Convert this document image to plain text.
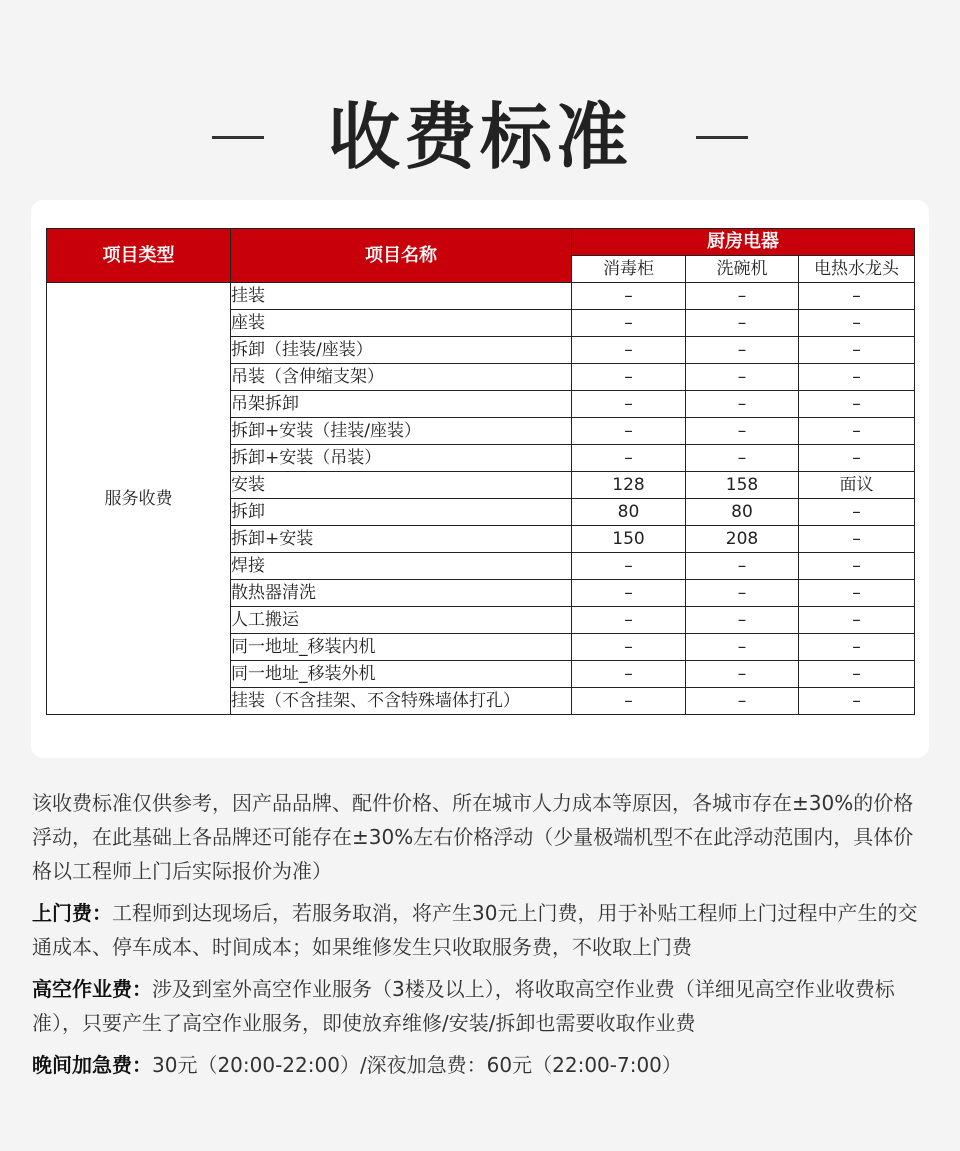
收费标准
项目类型	项目名称	厨房电器		
		消毒柜	洗碗机	电热水龙头
服务收费	挂装	–	–	–
	座装	–	–	–
	拆卸（挂装/座装）	–	–	–
	吊装（含伸缩支架）	–	–	–
	吊架拆卸	–	–	–
	拆卸+安装（挂装/座装）	–	–	–
	拆卸+安装（吊装）	–	–	–
	安装	128	158	面议
	拆卸	80	80	–
	拆卸+安装	150	208	–
	焊接	–	–	–
	散热器清洗	–	–	–
	人工搬运	–	–	–
	同一地址_移装内机	–	–	–
	同一地址_移装外机	–	–	–
	挂装（不含挂架、不含特殊墙体打孔）	–	–	–

该收费标准仅供参考，因产品品牌、配件价格、所在城市人力成本等原因，各城市存在±30%的价格浮动，在此基础上各品牌还可能存在±30%左右价格浮动（少量极端机型不在此浮动范围内，具体价格以工程师上门后实际报价为准）

上门费：工程师到达现场后，若服务取消，将产生30元上门费，用于补贴工程师上门过程中产生的交通成本、停车成本、时间成本；如果维修发生只收取服务费，不收取上门费

高空作业费：涉及到室外高空作业服务（3楼及以上），将收取高空作业费（详细见高空作业收费标准），只要产生了高空作业服务，即使放弃维修/安装/拆卸也需要收取作业费

晚间加急费：30元（20:00-22:00）/深夜加急费：60元（22:00-7:00）
